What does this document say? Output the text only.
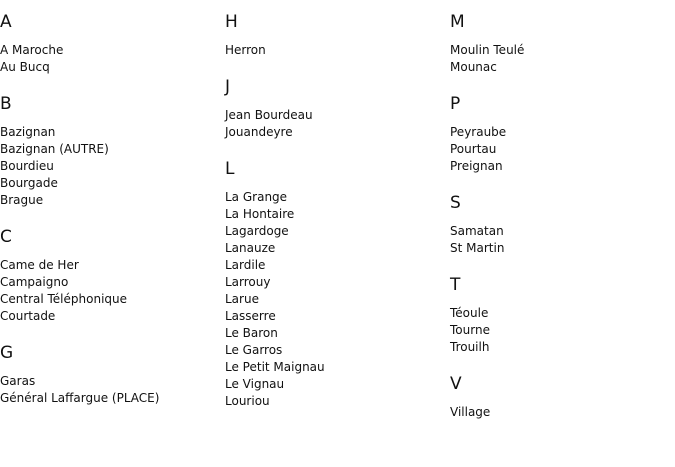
A
A Maroche
Au Bucq
B
Bazignan
Bazignan (AUTRE)
Bourdieu
Bourgade
Brague
C
Came de Her
Campaigno
Central Téléphonique
Courtade
G
Garas
Général Laffargue (PLACE)
H
Herron
J
Jean Bourdeau
Jouandeyre
L
La Grange
La Hontaire
Lagardoge
Lanauze
Lardile
Larrouy
Larue
Lasserre
Le Baron
Le Garros
Le Petit Maignau
Le Vignau
Louriou
M
Moulin Teulé
Mounac
P
Peyraube
Pourtau
Preignan
S
Samatan
St Martin
T
Téoule
Tourne
Trouilh
V
Village
